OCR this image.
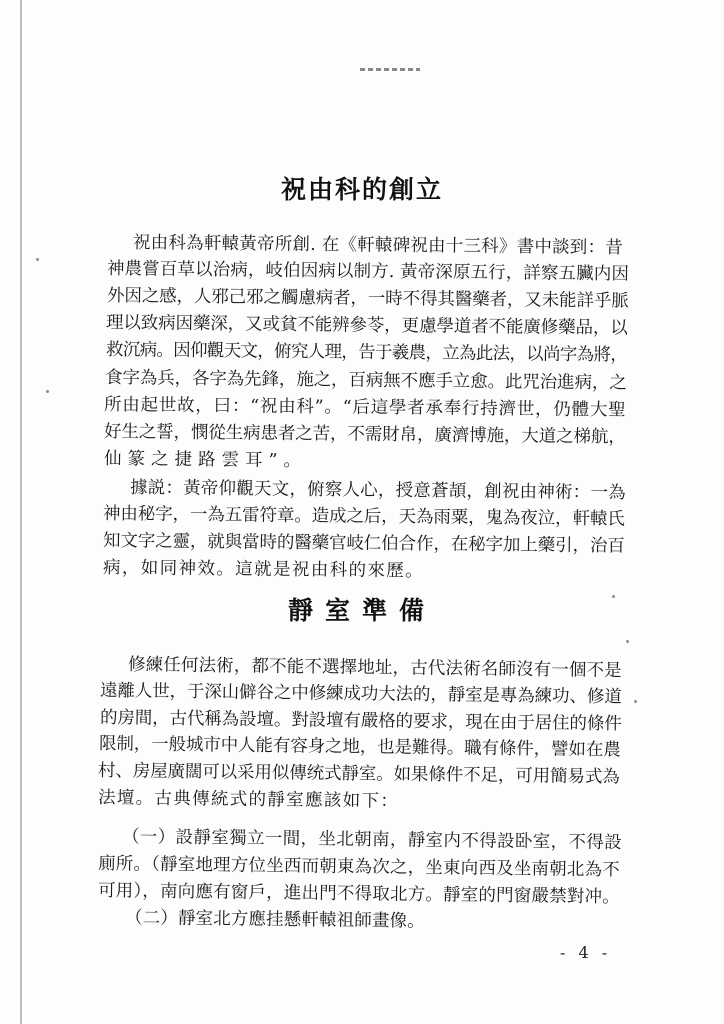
祝由科的創立
祝由科為軒轅黃帝所創. 在《軒轅碑祝由十三科》書中談到：昔
神農嘗百草以治病，岐伯因病以制方. 黃帝深原五行，詳察五臟内因
外因之感，人邪己邪之觸慮病者，一時不得其醫藥者，又未能詳乎脈
理以致病因藥深，又或貧不能辨參苓，更慮學道者不能廣修藥品，以
救沉病。因仰觀天文，俯究人理，告于羲農，立為此法，以尚字為將，
食字為兵，各字為先鋒，施之，百病無不應手立愈。此咒治進病，之
所由起世故，曰：“祝由科”。“后這學者承奉行持濟世，仍體大聖
好生之誓，憫從生病患者之苦，不需財帛，廣濟博施，大道之梯航，
仙篆之捷路雲耳”。
據説：黃帝仰觀天文，俯察人心，授意蒼頡，創祝由神術：一為
神由秘字，一為五雷符章。造成之后，天為雨粟，鬼為夜泣，軒轅氏
知文字之靈，就與當時的醫藥官岐仁伯合作，在秘字加上藥引，治百
病，如同神效。這就是祝由科的來歷。
靜室準備
修練任何法術，都不能不選擇地址，古代法術名師沒有一個不是
遠離人世，于深山僻谷之中修練成功大法的，靜室是專為練功、修道
的房間，古代稱為設壇。對設壇有嚴格的要求，現在由于居住的條件
限制，一般城市中人能有容身之地，也是難得。職有條件，譬如在農
村、房屋廣闊可以采用似傳统式靜室。如果條件不足，可用簡易式為
法壇。古典傳統式的靜室應該如下：
（一）設靜室獨立一間，坐北朝南，靜室内不得設卧室，不得設
廁所。（靜室地理方位坐西而朝東為次之，坐東向西及坐南朝北為不
可用），南向應有窗戶，進出門不得取北方。靜室的門窗嚴禁對冲。
（二）靜室北方應挂懸軒轅祖師畫像。
- 4 -
